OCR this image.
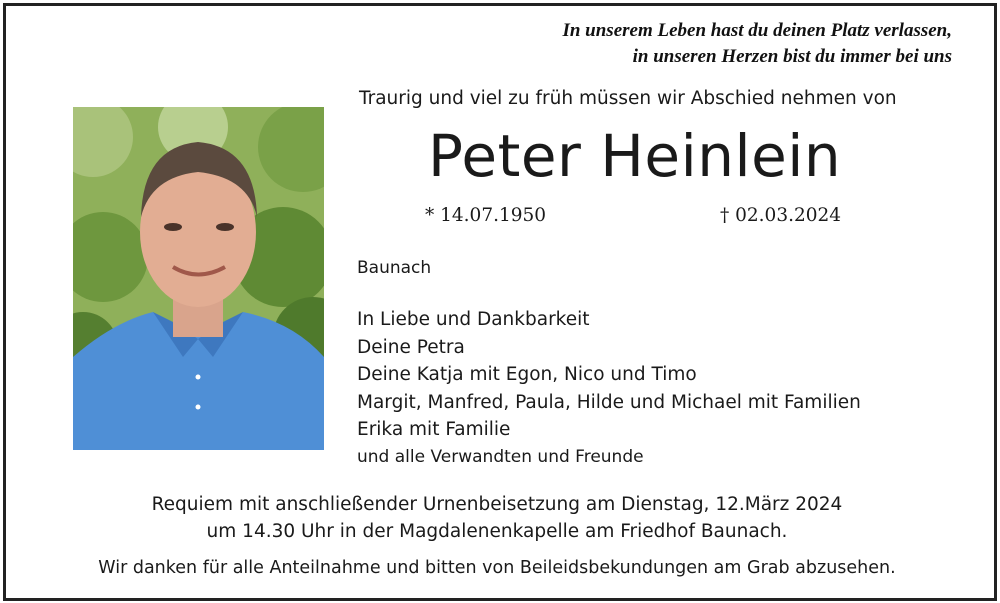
In unserem Leben hast du deinen Platz verlassen,
in unseren Herzen bist du immer bei uns
Traurig und viel zu früh müssen wir Abschied nehmen von
Peter Heinlein
* 14.07.1950	† 02.03.2024
Baunach
In Liebe und Dankbarkeit
Deine Petra
Deine Katja mit Egon, Nico und Timo
Margit, Manfred, Paula, Hilde und Michael mit Familien
Erika mit Familie
und alle Verwandten und Freunde
Requiem mit anschließender Urnenbeisetzung am Dienstag, 12.März 2024
um 14.30 Uhr in der Magdalenenkapelle am Friedhof Baunach.
Wir danken für alle Anteilnahme und bitten von Beileidsbekundungen am Grab abzusehen.
